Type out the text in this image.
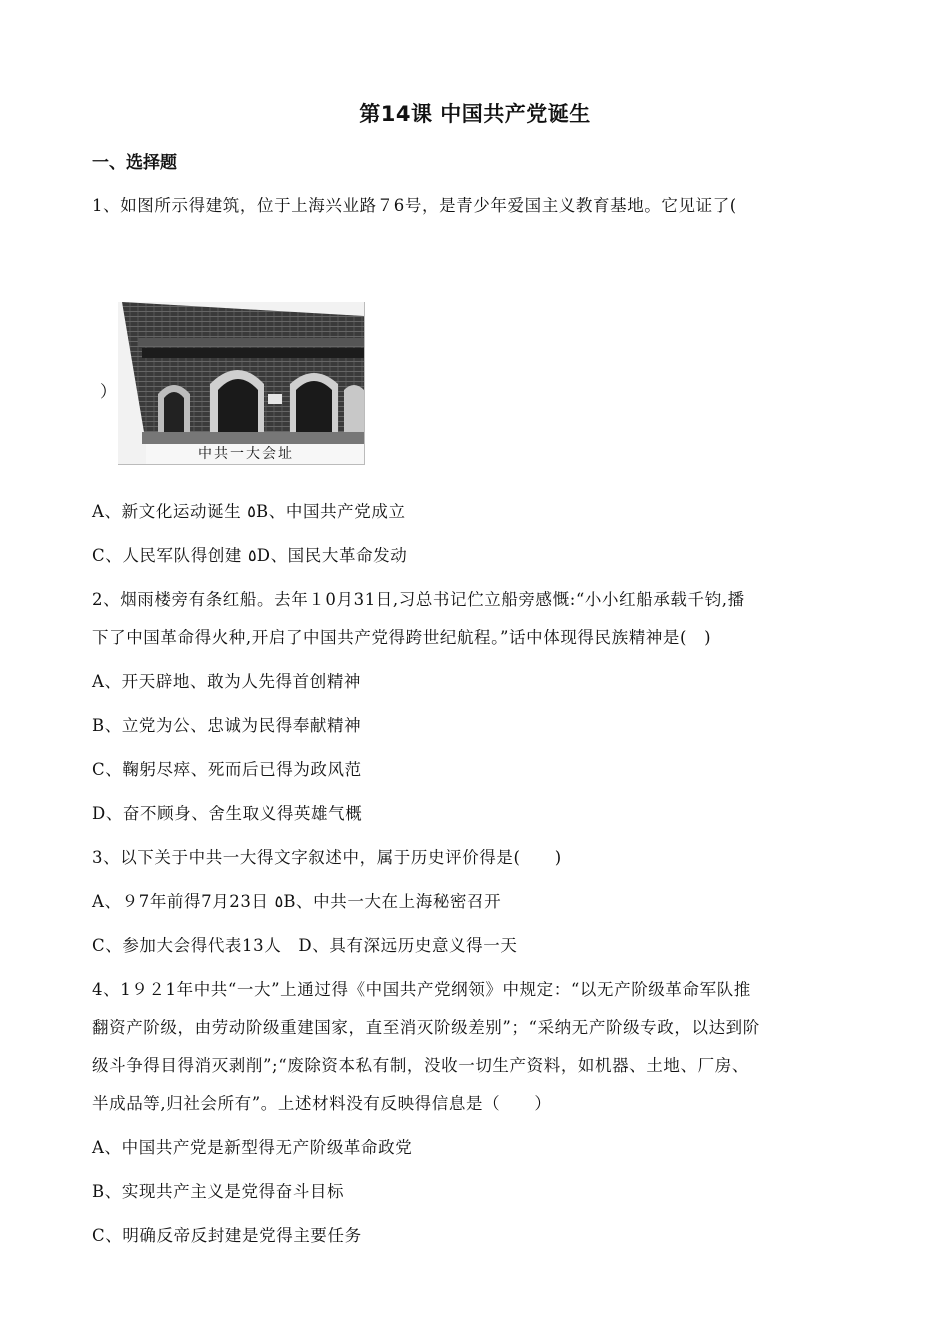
第14课 中国共产党诞生
一、选择题
1、如图所示得建筑，位于上海兴业路７6号，是青少年爱国主义教育基地。它见证了(
中共一大会址
）
A、新文化运动诞生 ٥B、中国共产党成立
C、人民军队得创建 ٥D、国民大革命发动
2、烟雨楼旁有条红船。去年１0月31日,习总书记伫立船旁感慨:“小小红船承载千钧,播
下了中国革命得火种,开启了中国共产党得跨世纪航程。”话中体现得民族精神是(　)
A、开天辟地、敢为人先得首创精神
B、立党为公、忠诚为民得奉献精神
C、鞠躬尽瘁、死而后已得为政风范
D、奋不顾身、舍生取义得英雄气概
3、以下关于中共一大得文字叙述中，属于历史评价得是(　　)
A、９7年前得7月23日 ٥B、中共一大在上海秘密召开
C、参加大会得代表13人　D、具有深远历史意义得一天
4、1９２1年中共“一大”上通过得《中国共产党纲领》中规定：“以无产阶级革命军队推
翻资产阶级，由劳动阶级重建国家，直至消灭阶级差别”；“采纳无产阶级专政，以达到阶
级斗争得目得消灭剥削”;“废除资本私有制，没收一切生产资料，如机器、土地、厂房、
半成品等,归社会所有”。上述材料没有反映得信息是（　　）
A、中国共产党是新型得无产阶级革命政党
B、实现共产主义是党得奋斗目标
C、明确反帝反封建是党得主要任务
